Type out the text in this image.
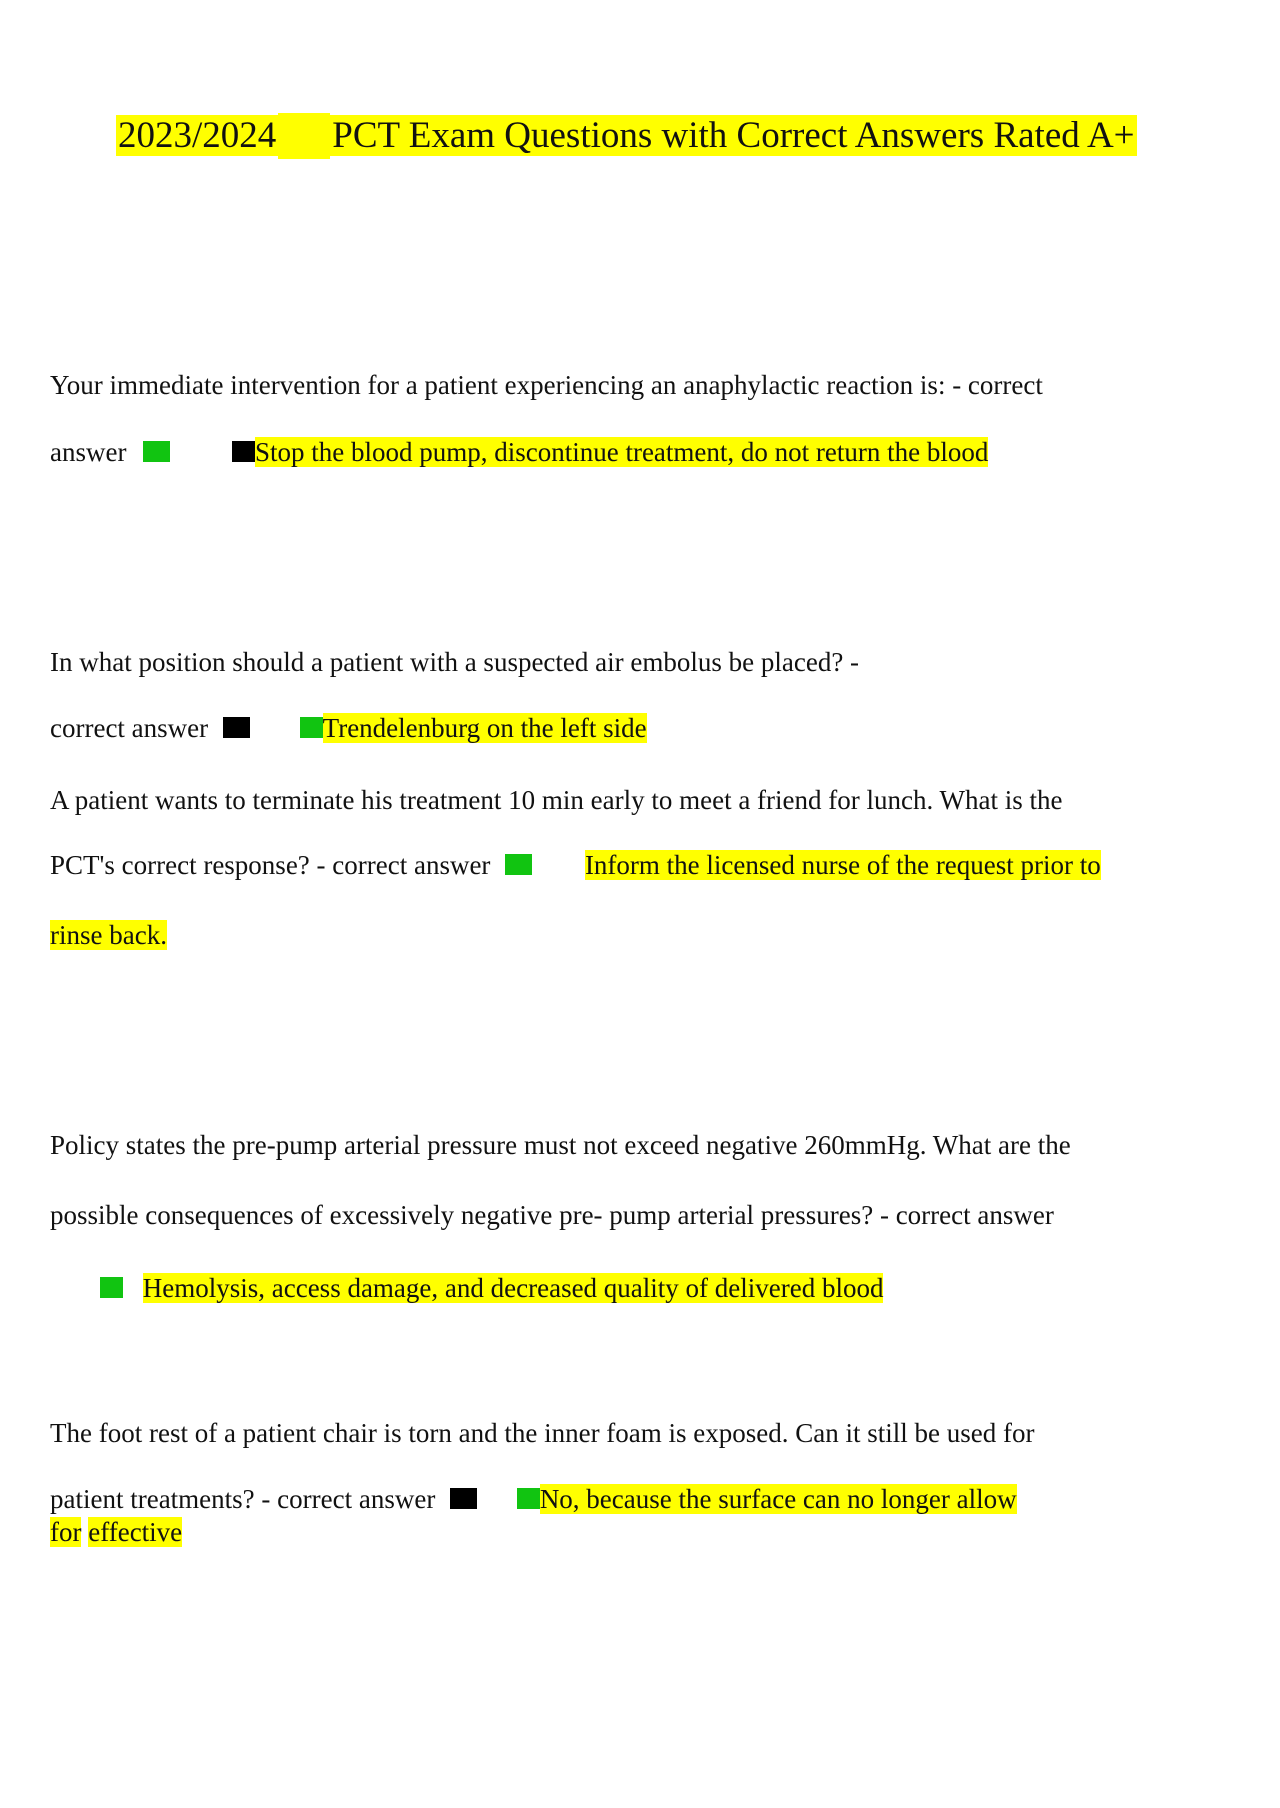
2023/2024 PCT Exam Questions with Correct Answers Rated A+
Your immediate intervention for a patient experiencing an anaphylactic reaction is: - correct
answer	Stop the blood pump, discontinue treatment, do not return the blood
In what position should a patient with a suspected air embolus be placed? -
correct answer	Trendelenburg on the left side
A patient wants to terminate his treatment 10 min early to meet a friend for lunch. What is the
PCT's correct response? - correct answer	Inform the licensed nurse of the request prior to
rinse back.
Policy states the pre-pump arterial pressure must not exceed negative 260mmHg. What are the
possible consequences of excessively negative pre- pump arterial pressures? - correct answer
Hemolysis, access damage, and decreased quality of delivered blood
The foot rest of a patient chair is torn and the inner foam is exposed. Can it still be used for
patient treatments? - correct answer	No, because the surface can no longer allow
for effective
